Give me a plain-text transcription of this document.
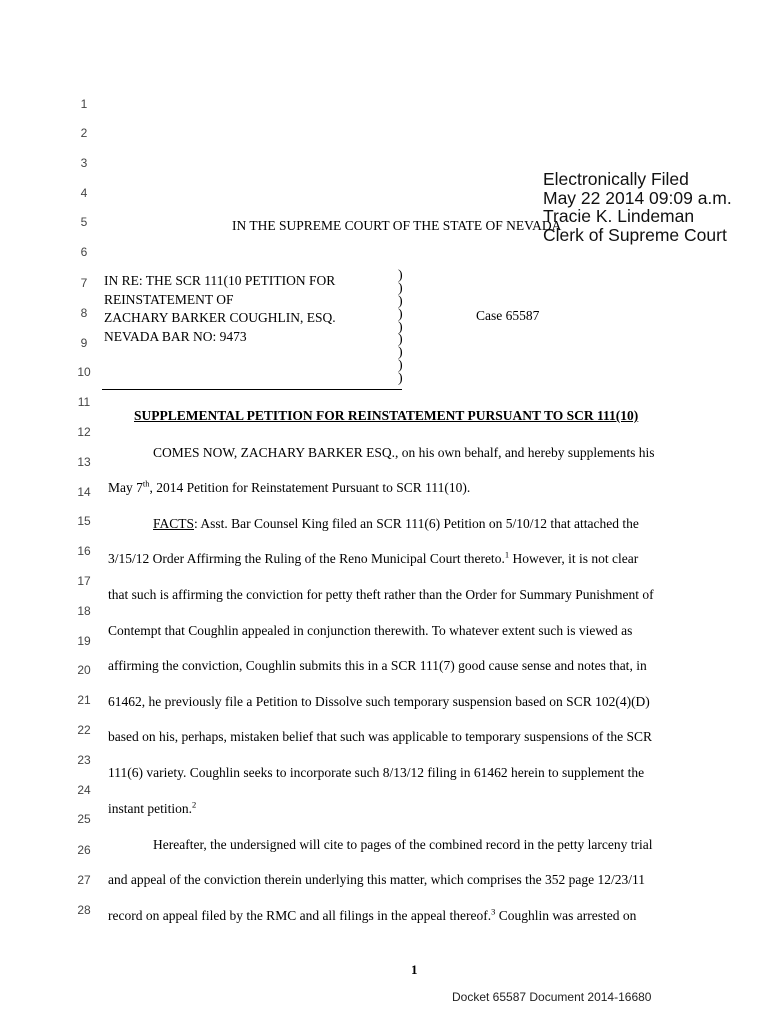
1
2
3
4
5
6
7
8
9
10
11
12
13
14
15
16
17
18
19
20
21
22
23
24
25
26
27
28
IN THE SUPREME COURT OF THE STATE OF NEVADA
Electronically Filed
May 22 2014 09:09 a.m.
Tracie K. Lindeman
Clerk of Supreme Court
IN RE: THE SCR 111(10 PETITION FOR
REINSTATEMENT OF
ZACHARY BARKER COUGHLIN, ESQ.
NEVADA BAR NO: 9473
)
)
)
)
)
)
)
)
)
Case 65587
SUPPLEMENTAL PETITION FOR REINSTATEMENT PURSUANT TO SCR 111(10)
COMES NOW, ZACHARY BARKER ESQ., on his own behalf, and hereby supplements his
May 7th, 2014 Petition for Reinstatement Pursuant to SCR 111(10).
FACTS: Asst. Bar Counsel King filed an SCR 111(6) Petition on 5/10/12 that attached the
3/15/12 Order Affirming the Ruling of the Reno Municipal Court thereto.$^1$ However, it is not clear
that such is affirming the conviction for petty theft rather than the Order for Summary Punishment of
Contempt that Coughlin appealed in conjunction therewith. To whatever extent such is viewed as
affirming the conviction, Coughlin submits this in a SCR 111(7) good cause sense and notes that, in
61462, he previously file a Petition to Dissolve such temporary suspension based on SCR 102(4)(D)
based on his, perhaps, mistaken belief that such was applicable to temporary suspensions of the SCR
111(6) variety. Coughlin seeks to incorporate such 8/13/12 filing in 61462 herein to supplement the
instant petition.$^2$
Hereafter, the undersigned will cite to pages of the combined record in the petty larceny trial
and appeal of the conviction therein underlying this matter, which comprises the 352 page 12/23/11
record on appeal filed by the RMC and all filings in the appeal thereof.$^3$ Coughlin was arrested on
1
Docket 65587 Document 2014-16680
